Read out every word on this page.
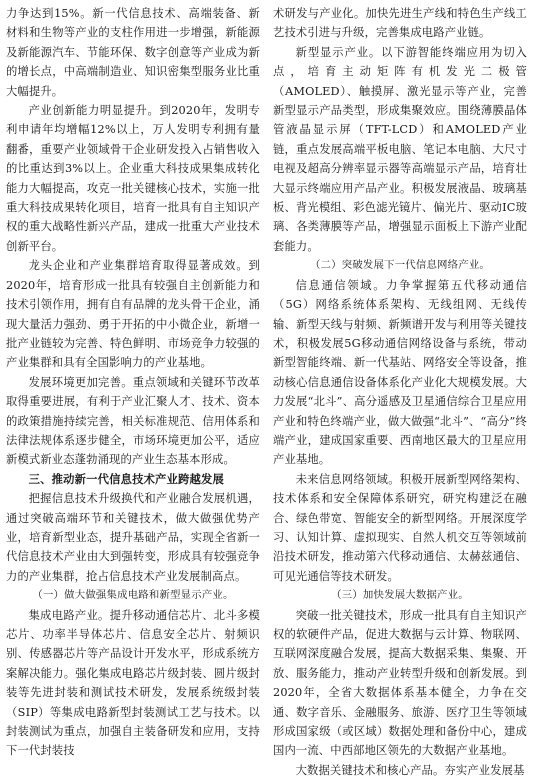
力争达到15%。新一代信息技术、高端装备、新材料和生物等产业的支柱作用进一步增强，新能源及新能源汽车、节能环保、数字创意等产业成为新的增长点，中高端制造业、知识密集型服务业比重大幅提升。

产业创新能力明显提升。到2020年，发明专利申请年均增幅12%以上，万人发明专利拥有量翻番，重要产业领域骨干企业研发投入占销售收入的比重达到3%以上。企业重大科技成果集成转化能力大幅提高，攻克一批关键核心技术，实施一批重大科技成果转化项目，培育一批具有自主知识产权的重大战略性新兴产品，建成一批重大产业技术创新平台。

龙头企业和产业集群培育取得显著成效。到2020年，培育形成一批具有较强自主创新能力和技术引领作用，拥有自有品牌的龙头骨干企业，涌现大量活力强劲、勇于开拓的中小微企业，新增一批产业链较为完善、特色鲜明、市场竞争力较强的产业集群和具有全国影响力的产业基地。

发展环境更加完善。重点领域和关键环节改革取得重要进展，有利于产业汇聚人才、技术、资本的政策措施持续完善，相关标准规范、信用体系和法律法规体系逐步健全，市场环境更加公平，适应新模式新业态蓬勃涌现的产业生态基本形成。

三、推动新一代信息技术产业跨越发展

把握信息技术升级换代和产业融合发展机遇，通过突破高端环节和关键技术，做大做强优势产业，培育新型业态，提升基础产品，实现全省新一代信息技术产业由大到强转变，形成具有较强竞争力的产业集群，抢占信息技术产业发展制高点。

（一）做大做强集成电路和新型显示产业。

集成电路产业。提升移动通信芯片、北斗多模芯片、功率半导体芯片、信息安全芯片、射频识别、传感器芯片等产品设计开发水平，形成系统方案解决能力。强化集成电路芯片级封装、圆片级封装等先进封装和测试技术研发，发展系统级封装（SIP）等集成电路新型封装测试工艺与技术。以封装测试为重点，加强自主装备研发和应用，支持下一代封装技

术研发与产业化。加快先进生产线和特色生产线工艺技术引进与升级，完善集成电路产业链。

新型显示产业。以下游智能终端应用为切入点，培育主动矩阵有机发光二极管（AMOLED）、触摸屏、激光显示等产业，完善新型显示产品类型，形成集聚效应。围绕薄膜晶体管液晶显示屏（TFT-LCD）和AMOLED产业链，重点发展高端平板电脑、笔记本电脑、大尺寸电视及超高分辨率显示器等高端显示产品，培育壮大显示终端应用产品产业。积极发展液晶、玻璃基板、背光模组、彩色滤光镜片、偏光片、驱动IC玻璃、各类薄膜等产品，增强显示面板上下游产业配套能力。

（二）突破发展下一代信息网络产业。

信息通信领域。力争掌握第五代移动通信（5G）网络系统体系架构、无线组网、无线传输、新型天线与射频、新频谱开发与利用等关键技术，积极发展5G移动通信网络设备与系统，带动新型智能终端、新一代基站、网络安全等设备，推动核心信息通信设备体系化产业化大规模发展。大力发展“北斗”、高分遥感及卫星通信综合卫星应用产业和特色终端产业，做大做强“北斗”、“高分”终端产业，建成国家重要、西南地区最大的卫星应用产业基地。

未来信息网络领域。积极开展新型网络架构、技术体系和安全保障体系研究，研究构建泛在融合、绿色带宽、智能安全的新型网络。开展深度学习、认知计算、虚拟现实、自然人机交互等领域前沿技术研发，推动第六代移动通信、太赫兹通信、可见光通信等技术研发。

（三）加快发展大数据产业。

突破一批关键技术，形成一批具有自主知识产权的软硬件产品，促进大数据与云计算、物联网、互联网深度融合发展，提高大数据采集、集聚、开放、服务能力，推动产业转型升级和创新发展。到2020年，全省大数据体系基本健全，力争在交通、数字音乐、金融服务、旅游、医疗卫生等领域形成国家级（或区域）数据处理和备份中心，建成国内一流、中西部地区领先的大数据产业基地。

大数据关键技术和核心产品。夯实产业发展基
